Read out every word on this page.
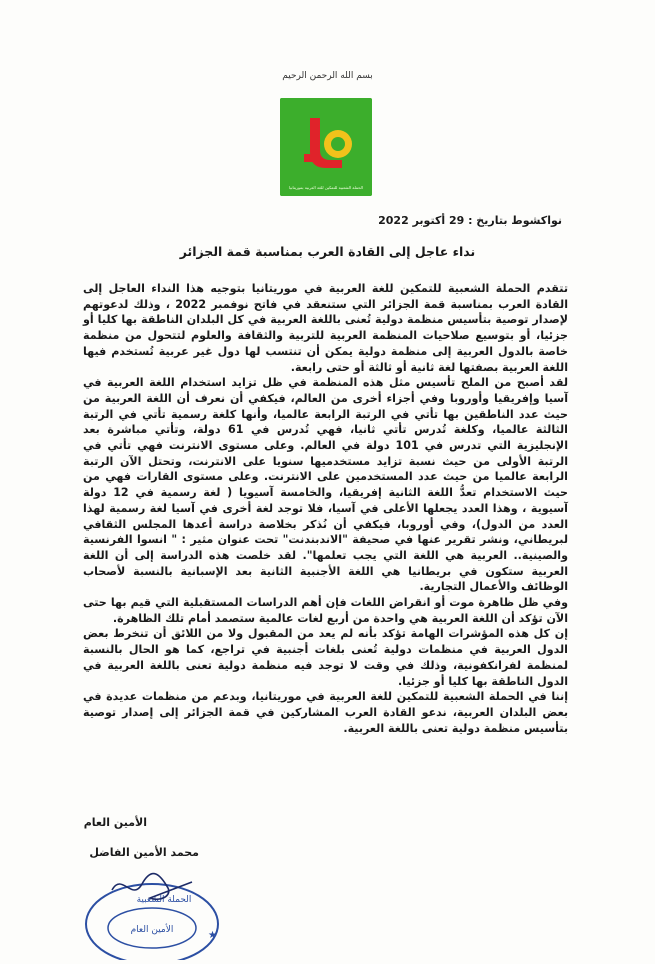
بسم الله الرحمن الرحيم
الحملة الشعبية للتمكين للغة العربية بموريتانيا
نواكشوط بتاريخ : 29 أكتوبر 2022
نداء عاجل إلى القادة العرب بمناسبة قمة الجزائر

تتقدم الحملة الشعبية للتمكين للغة العربية في موريتانيا بتوجيه هذا النداء العاجل إلى القادة العرب بمناسبة قمة الجزائر التي ستنعقد في فاتح نوفمبر 2022 ، وذلك لدعوتهم لإصدار توصية بتأسيس منظمة دولية تُعنى باللغة العربية في كل البلدان الناطقة بها كليا أو جزئيا، أو بتوسيع صلاحيات المنظمة العربية للتربية والثقافة والعلوم لتتحول من منظمة خاصة بالدول العربية إلى منظمة دولية يمكن أن تنتسب لها دول غير عربية تُستخدم فيها اللغة العربية بصفتها لغة ثانية أو ثالثة أو حتى رابعة.

لقد أصبح من الملح تأسيس مثل هذه المنظمة في ظل تزايد استخدام اللغة العربية في آسيا وإفريقيا وأوروبا وفي أجزاء أخرى من العالم، فيكفي أن نعرف أن اللغة العربية من حيث عدد الناطقين بها تأتي في الرتبة الرابعة عالميا، وأنها كلغة رسمية تأتي في الرتبة الثالثة عالميا، وكلغة تُدرس تأتي ثانيا، فهي تُدرس في 61 دولة، وتأتي مباشرة بعد الإنجليزية التي تدرس في 101 دولة في العالم. وعلى مستوى الانترنت فهي تأتي في الرتبة الأولى من حيث نسبة تزايد مستخدميها سنويا على الانترنت، وتحتل الآن الرتبة الرابعة عالميا من حيث عدد المستخدمين على الانترنت. وعلى مستوى القارات فهي من حيث الاستخدام تعدُّ اللغة الثانية إفريقيا، والخامسة آسيويا ( لغة رسمية في 12 دولة آسيوية ، وهذا العدد يجعلها الأعلى في آسيا، فلا توجد لغة أخرى في آسيا لغة رسمية لهذا العدد من الدول)، وفي أوروبا، فيكفي أن نُذكر بخلاصة دراسة أعدها المجلس الثقافي لبريطاني، ونشر تقرير عنها في صحيفة "الاندبندنت" تحت عنوان مثير : " انسوا الفرنسية والصينية.. العربية هي اللغة التي يجب تعلمها". لقد خلصت هذه الدراسة إلى أن اللغة العربية ستكون في بريطانيا هي اللغة الأجنبية الثانية بعد الإسبانية بالنسبة لأصحاب الوظائف والأعمال التجارية.

وفي ظل ظاهرة موت أو انقراض اللغات فإن أهم الدراسات المستقبلية التي قيم بها حتى الآن تؤكد أن اللغة العربية هي واحدة من أربع لغات عالمية ستصمد أمام تلك الظاهرة.

إن كل هذه المؤشرات الهامة تؤكد بأنه لم يعد من المقبول ولا من اللائق أن تنخرط بعض الدول العربية في منظمات دولية تُعنى بلغات أجنبية في تراجع، كما هو الحال بالنسبة لمنظمة لفرانكفونية، وذلك في وقت لا توجد فيه منظمة دولية تعنى باللغة العربية في الدول الناطقة بها كليا أو جزئيا.

إننا في الحملة الشعبية للتمكين للغة العربية في موريتانيا، وبدعم من منظمات عديدة في بعض البلدان العربية، ندعو القادة العرب المشاركين في قمة الجزائر إلى إصدار توصية بتأسيس منظمة دولية تعنى باللغة العربية.

الأمين العام
محمد الأمين الفاضل
الحملة الشعبية
الأمين العام	★
